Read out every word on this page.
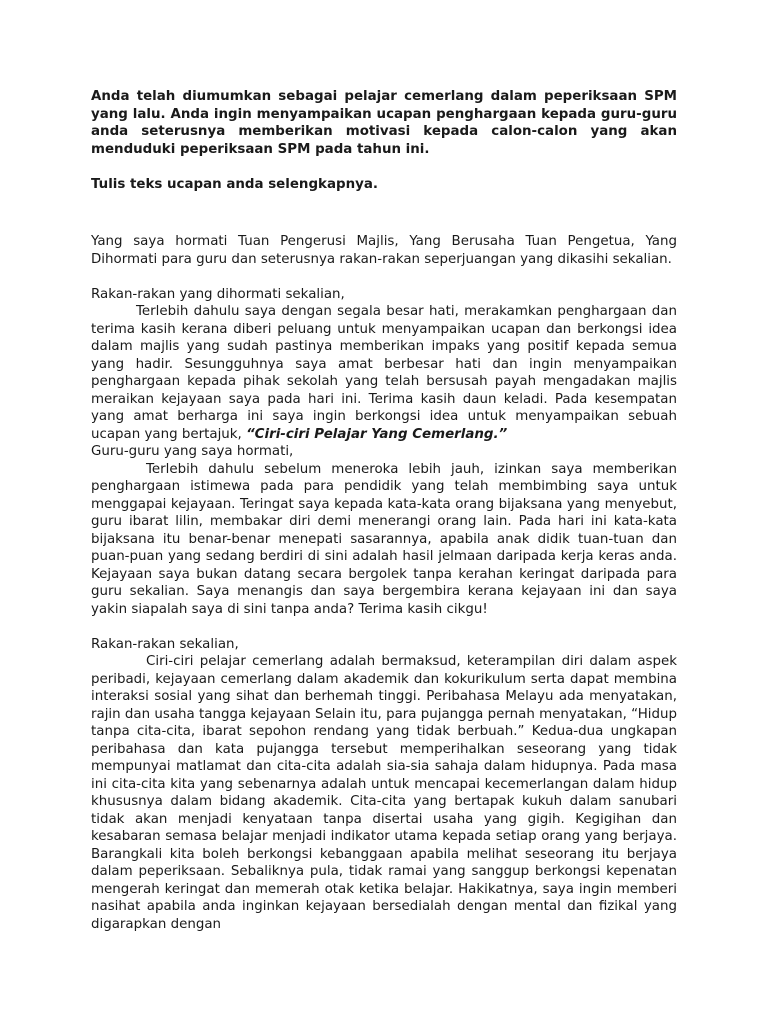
Anda telah diumumkan sebagai pelajar cemerlang dalam peperiksaan SPM yang lalu. Anda ingin menyampaikan ucapan penghargaan kepada guru-guru anda seterusnya memberikan motivasi kepada calon-calon yang akan menduduki peperiksaan SPM pada tahun ini.

Tulis teks ucapan anda selengkapnya.

Yang saya hormati Tuan Pengerusi Majlis, Yang Berusaha Tuan Pengetua, Yang Dihormati para guru dan seterusnya rakan-rakan seperjuangan yang dikasihi sekalian.

Rakan-rakan yang dihormati sekalian,

Terlebih dahulu saya dengan segala besar hati, merakamkan penghargaan dan terima kasih kerana diberi peluang untuk menyampaikan ucapan dan berkongsi idea dalam majlis yang sudah pastinya memberikan impaks yang positif kepada semua yang hadir. Sesungguhnya saya amat berbesar hati dan ingin menyampaikan penghargaan kepada pihak sekolah yang telah bersusah payah mengadakan majlis meraikan kejayaan saya pada hari ini. Terima kasih daun keladi. Pada kesempatan yang amat berharga ini saya ingin berkongsi idea untuk menyampaikan sebuah ucapan yang bertajuk, “Ciri-ciri Pelajar Yang Cemerlang.”

Guru-guru yang saya hormati,

Terlebih dahulu sebelum meneroka lebih jauh, izinkan saya memberikan penghargaan istimewa pada para pendidik yang telah membimbing saya untuk menggapai kejayaan. Teringat saya kepada kata-kata orang bijaksana yang menyebut, guru ibarat lilin, membakar diri demi menerangi orang lain. Pada hari ini kata-kata bijaksana itu benar-benar menepati sasarannya, apabila anak didik tuan-tuan dan puan-puan yang sedang berdiri di sini adalah hasil jelmaan daripada kerja keras anda. Kejayaan saya bukan datang secara bergolek tanpa kerahan keringat daripada para guru sekalian. Saya menangis dan saya bergembira kerana kejayaan ini dan saya yakin siapalah saya di sini tanpa anda? Terima kasih cikgu!

Rakan-rakan sekalian,

Ciri-ciri pelajar cemerlang adalah bermaksud, keterampilan diri dalam aspek peribadi, kejayaan cemerlang dalam akademik dan kokurikulum serta dapat membina interaksi sosial yang sihat dan berhemah tinggi. Peribahasa Melayu ada menyatakan, rajin dan usaha tangga kejayaan Selain itu, para pujangga pernah menyatakan, “Hidup tanpa cita-cita, ibarat sepohon rendang yang tidak berbuah.” Kedua-dua ungkapan peribahasa dan kata pujangga tersebut memperihalkan seseorang yang tidak mempunyai matlamat dan cita-cita adalah sia-sia sahaja dalam hidupnya. Pada masa ini cita-cita kita yang sebenarnya adalah untuk mencapai kecemerlangan dalam hidup khususnya dalam bidang akademik. Cita-cita yang bertapak kukuh dalam sanubari tidak akan menjadi kenyataan tanpa disertai usaha yang gigih. Kegigihan dan kesabaran semasa belajar menjadi indikator utama kepada setiap orang yang berjaya. Barangkali kita boleh berkongsi kebanggaan apabila melihat seseorang itu berjaya dalam peperiksaan. Sebaliknya pula, tidak ramai yang sanggup berkongsi kepenatan mengerah keringat dan memerah otak ketika belajar. Hakikatnya, saya ingin memberi nasihat apabila anda inginkan kejayaan bersedialah dengan mental dan fizikal yang digarapkan dengan
